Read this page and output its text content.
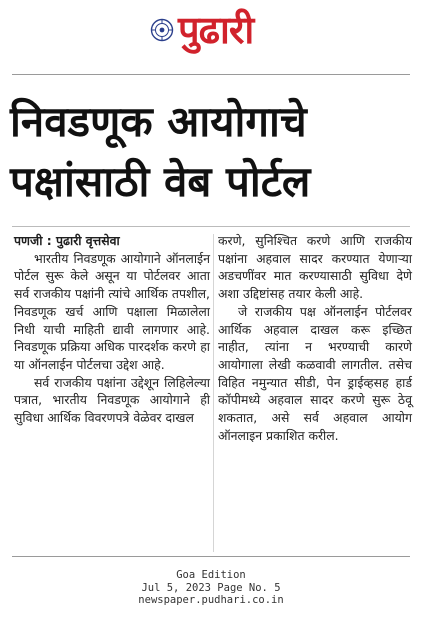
पुढारी
निवडणूक आयोगाचे
पक्षांसाठी वेब पोर्टल

पणजी : पुढारी वृत्तसेवा

भारतीय निवडणूक आयोगाने ऑनलाईन पोर्टल सुरू केले असून या पोर्टलवर आता सर्व राजकीय पक्षांनी त्यांचे आर्थिक तपशील, निवडणूक खर्च आणि पक्षाला मिळालेला निधी याची माहिती द्यावी लागणार आहे. निवडणूक प्रक्रिया अधिक पारदर्शक करणे हा या ऑनलाईन पोर्टलचा उद्देश आहे.

सर्व राजकीय पक्षांना उद्देशून लिहिलेल्या पत्रात, भारतीय निवडणूक आयोगाने ही सुविधा आर्थिक विवरणपत्रे वेळेवर दाखल

करणे, सुनिश्चित करणे आणि राजकीय पक्षांना अहवाल सादर करण्यात येणाऱ्या अडचणींवर मात करण्यासाठी सुविधा देणे अशा उद्दिष्टांसह तयार केली आहे.

जे राजकीय पक्ष ऑनलाईन पोर्टलवर आर्थिक अहवाल दाखल करू इच्छित नाहीत, त्यांना न भरण्याची कारणे आयोगाला लेखी कळवावी लागतील. तसेच विहित नमुन्यात सीडी, पेन ड्राईव्हसह हार्ड कॉपीमध्ये अहवाल सादर करणे सुरू ठेवू शकतात, असे सर्व अहवाल आयोग ऑनलाइन प्रकाशित करील.

Goa Edition
Jul 5, 2023 Page No. 5
newspaper.pudhari.co.in
